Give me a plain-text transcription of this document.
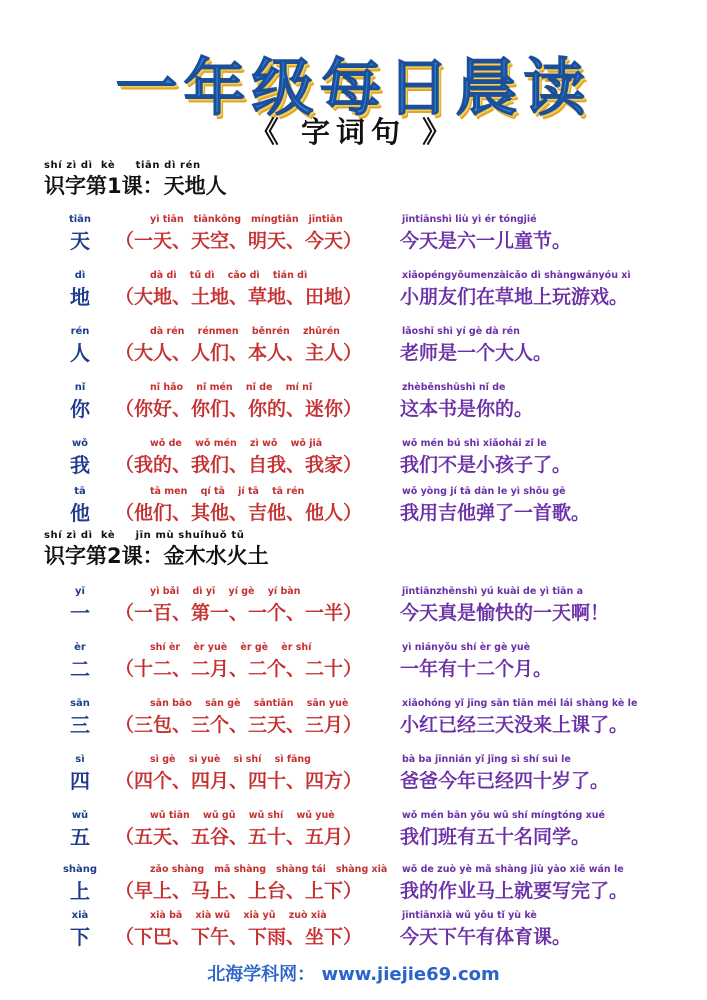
一年级每日晨读
《 字词句 》
shí zì dì  kè     tiān dì rén
识字第1课：天地人
tiān
天
yì tiān   tiānkōng   míngtiān   jīntiān
（一天、天空、明天、今天）
jīntiānshì liù yì ér tóngjié
今天是六一儿童节。
dì
地
dà dì    tǔ dì    cǎo dì    tián dì
（大地、土地、草地、田地）
xiǎopéngyǒumenzàicǎo dì shàngwányóu xì
小朋友们在草地上玩游戏。
rén
人
dà rén    rénmen    běnrén    zhǔrén
（大人、人们、本人、主人）
lǎoshī shì yí gè dà rén
老师是一个大人。
nǐ
你
nǐ hǎo    nǐ mén    nǐ de    mí nǐ
（你好、你们、你的、迷你）
zhèběnshūshì nǐ de
这本书是你的。
wǒ
我
wǒ de    wǒ mén    zì wǒ    wǒ jiā
（我的、我们、自我、我家）
wǒ mén bú shì xiǎohái zǐ le
我们不是小孩子了。
tā
他
tā men    qí tā    jí tā    tā rén
（他们、其他、吉他、他人）
wǒ yòng jí tā dàn le yì shǒu gē
我用吉他弹了一首歌。
shí zì dì  kè     jīn mù shuǐhuǒ tǔ
识字第2课：金木水火土
yī
一
yì bǎi    dì yī    yí gè    yí bàn
（一百、第一、一个、一半）
jīntiānzhēnshì yú kuài de yì tiān a
今天真是愉快的一天啊！
èr
二
shí èr    èr yuè    èr gè    èr shí
（十二、二月、二个、二十）
yì niányǒu shí èr gè yuè
一年有十二个月。
sān
三
sān bāo    sān gè    sāntiān    sān yuè
（三包、三个、三天、三月）
xiǎohóng yǐ jīng sān tiān méi lái shàng kè le
小红已经三天没来上课了。
sì
四
sì gè    sì yuè    sì shí    sì fāng
（四个、四月、四十、四方）
bà ba jīnnián yǐ jīng sì shí suì le
爸爸今年已经四十岁了。
wǔ
五
wǔ tiān    wǔ gǔ    wǔ shí    wǔ yuè
（五天、五谷、五十、五月）
wǒ mén bān yǒu wǔ shí míngtóng xué
我们班有五十名同学。
shàng
上
zǎo shàng   mǎ shàng   shàng tái   shàng xià
（早上、马上、上台、上下）
wǒ de zuò yè mǎ shàng jiù yào xiě wán le
我的作业马上就要写完了。
xià
下
xià bā    xià wǔ    xià yǔ    zuò xià
（下巴、下午、下雨、坐下）
jīntiānxià wǔ yǒu tǐ yù kè
今天下午有体育课。
北海学科网： www.jiejie69.com
